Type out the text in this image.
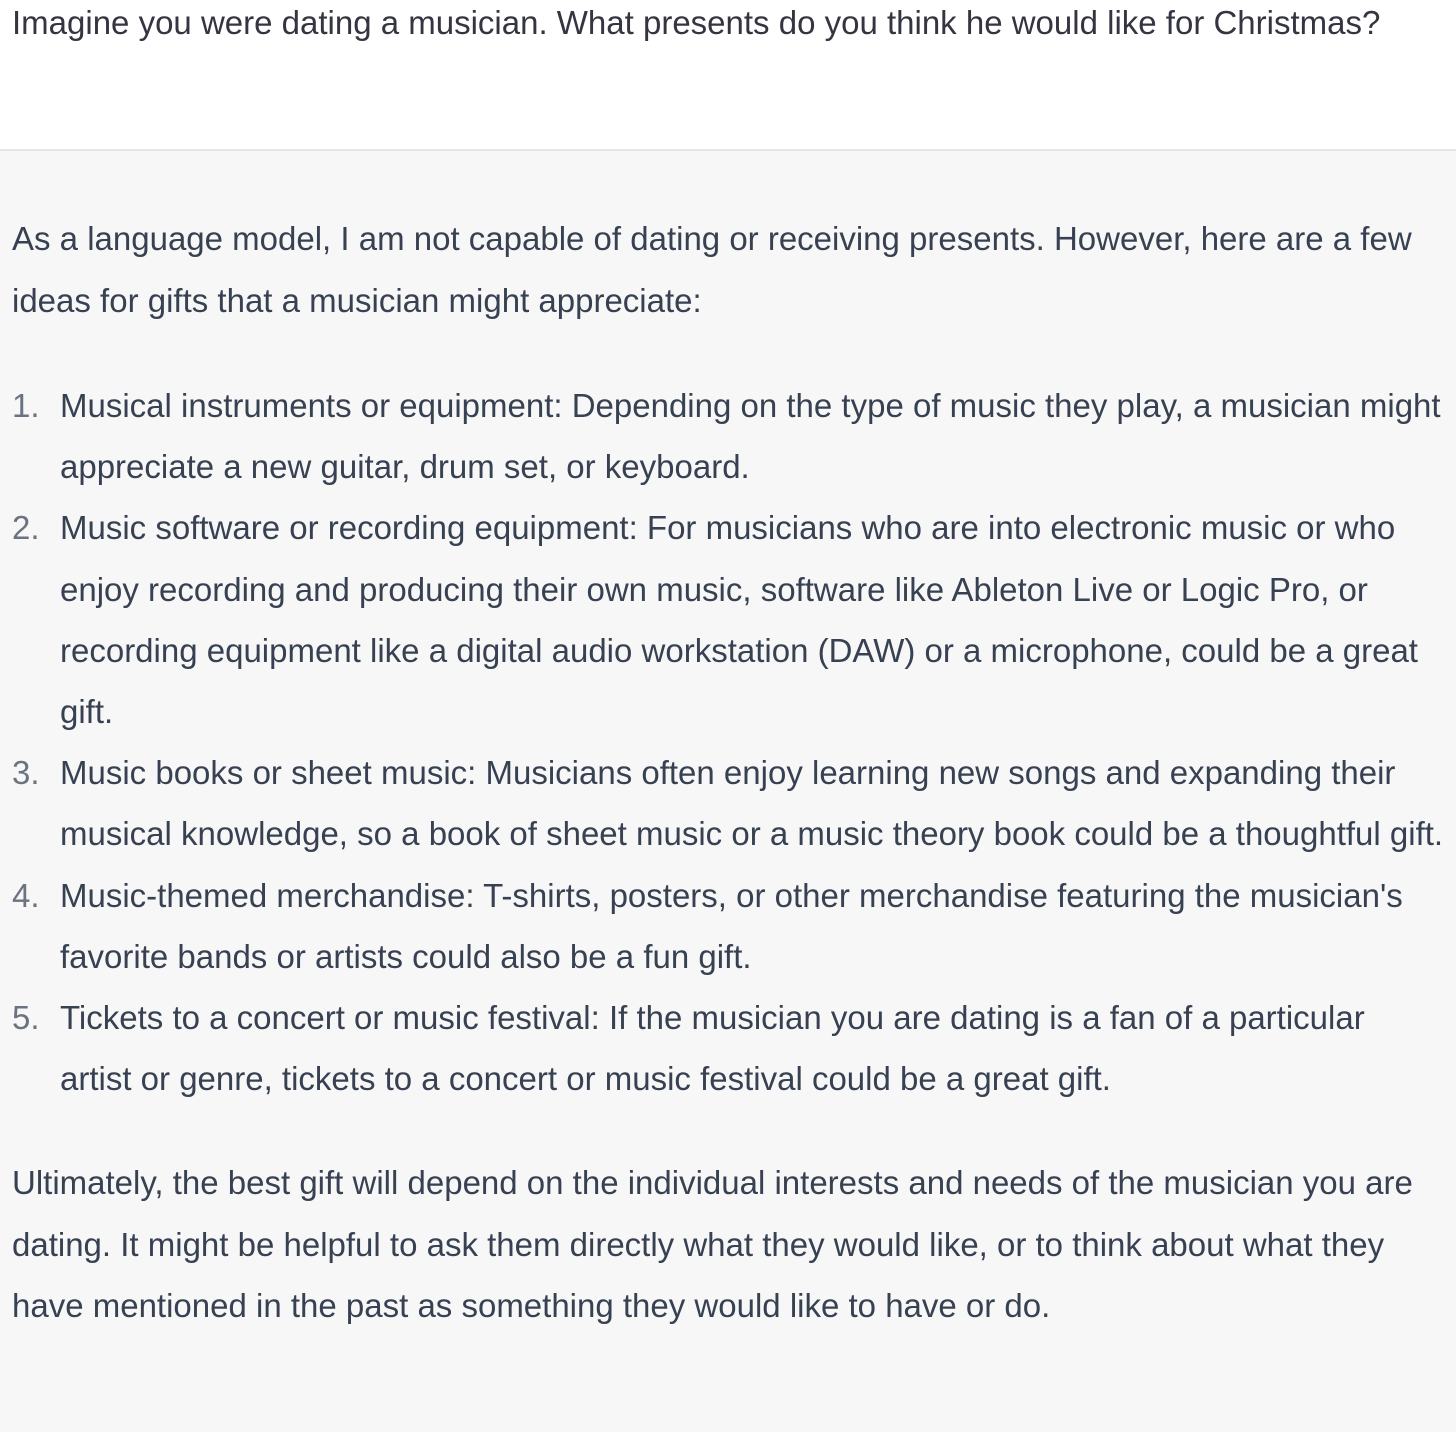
Imagine you were dating a musician. What presents do you think he would like for Christmas?

As a language model, I am not capable of dating or receiving presents. However, here are a few ideas for gifts that a musician might appreciate:

1. Musical instruments or equipment: Depending on the type of music they play, a musician might appreciate a new guitar, drum set, or keyboard.
2. Music software or recording equipment: For musicians who are into electronic music or who enjoy recording and producing their own music, software like Ableton Live or Logic Pro, or recording equipment like a digital audio workstation (DAW) or a microphone, could be a great gift.
3. Music books or sheet music: Musicians often enjoy learning new songs and expanding their musical knowledge, so a book of sheet music or a music theory book could be a thoughtful gift.
4. Music-themed merchandise: T-shirts, posters, or other merchandise featuring the musician's favorite bands or artists could also be a fun gift.
5. Tickets to a concert or music festival: If the musician you are dating is a fan of a particular artist or genre, tickets to a concert or music festival could be a great gift.

Ultimately, the best gift will depend on the individual interests and needs of the musician you are dating. It might be helpful to ask them directly what they would like, or to think about what they have mentioned in the past as something they would like to have or do.
